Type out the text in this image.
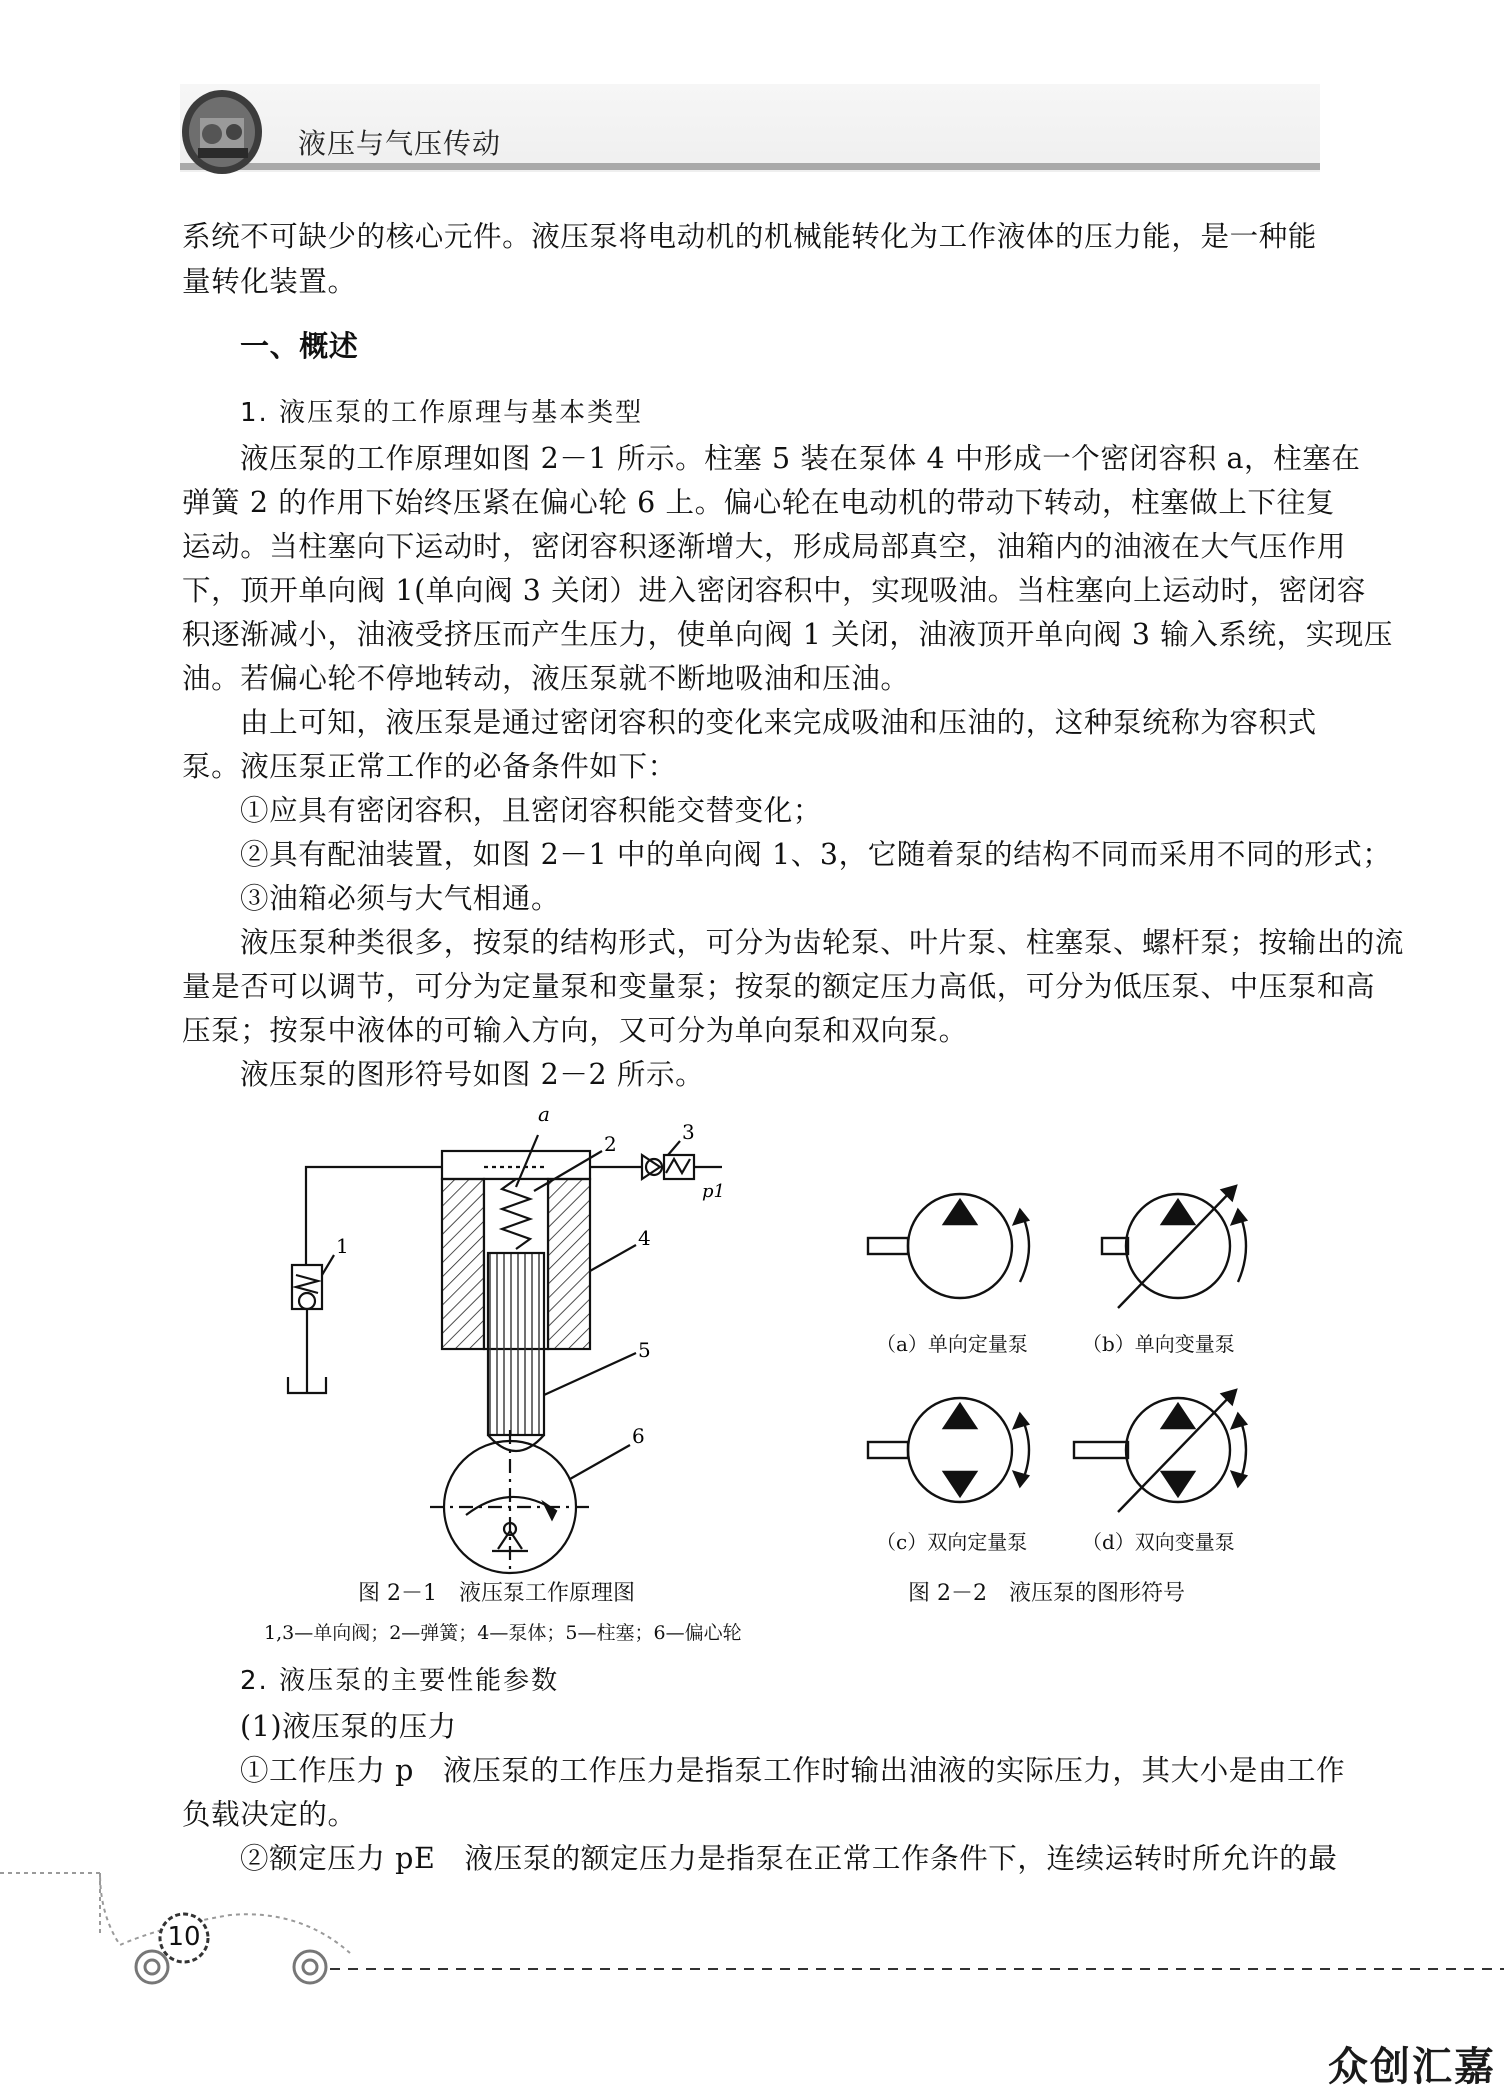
液压与气压传动
系统不可缺少的核心元件。液压泵将电动机的机械能转化为工作液体的压力能，是一种能
量转化装置。
一、概述
1. 液压泵的工作原理与基本类型
液压泵的工作原理如图 2－1 所示。柱塞 5 装在泵体 4 中形成一个密闭容积 a，柱塞在
弹簧 2 的作用下始终压紧在偏心轮 6 上。偏心轮在电动机的带动下转动，柱塞做上下往复
运动。当柱塞向下运动时，密闭容积逐渐增大，形成局部真空，油箱内的油液在大气压作用
下，顶开单向阀 1(单向阀 3 关闭）进入密闭容积中，实现吸油。当柱塞向上运动时，密闭容
积逐渐减小，油液受挤压而产生压力，使单向阀 1 关闭，油液顶开单向阀 3 输入系统，实现压
油。若偏心轮不停地转动，液压泵就不断地吸油和压油。
由上可知，液压泵是通过密闭容积的变化来完成吸油和压油的，这种泵统称为容积式
泵。液压泵正常工作的必备条件如下：
①应具有密闭容积，且密闭容积能交替变化；
②具有配油装置，如图 2－1 中的单向阀 1、3，它随着泵的结构不同而采用不同的形式；
③油箱必须与大气相通。
液压泵种类很多，按泵的结构形式，可分为齿轮泵、叶片泵、柱塞泵、螺杆泵；按输出的流
量是否可以调节，可分为定量泵和变量泵；按泵的额定压力高低，可分为低压泵、中压泵和高
压泵；按泵中液体的可输入方向，又可分为单向泵和双向泵。
液压泵的图形符号如图 2－2 所示。
a
2	3
p1
1	4
5
6
（a）单向定量泵	（b）单向变量泵
（c）双向定量泵	（d）双向变量泵
图 2－1　液压泵工作原理图
1,3—单向阀；2—弹簧；4—泵体；5—柱塞；6—偏心轮
图 2－2　液压泵的图形符号
2. 液压泵的主要性能参数
(1)液压泵的压力
①工作压力 p　液压泵的工作压力是指泵工作时输出油液的实际压力，其大小是由工作
负载决定的。
②额定压力 pE　液压泵的额定压力是指泵在正常工作条件下，连续运转时所允许的最
10
众创汇嘉
